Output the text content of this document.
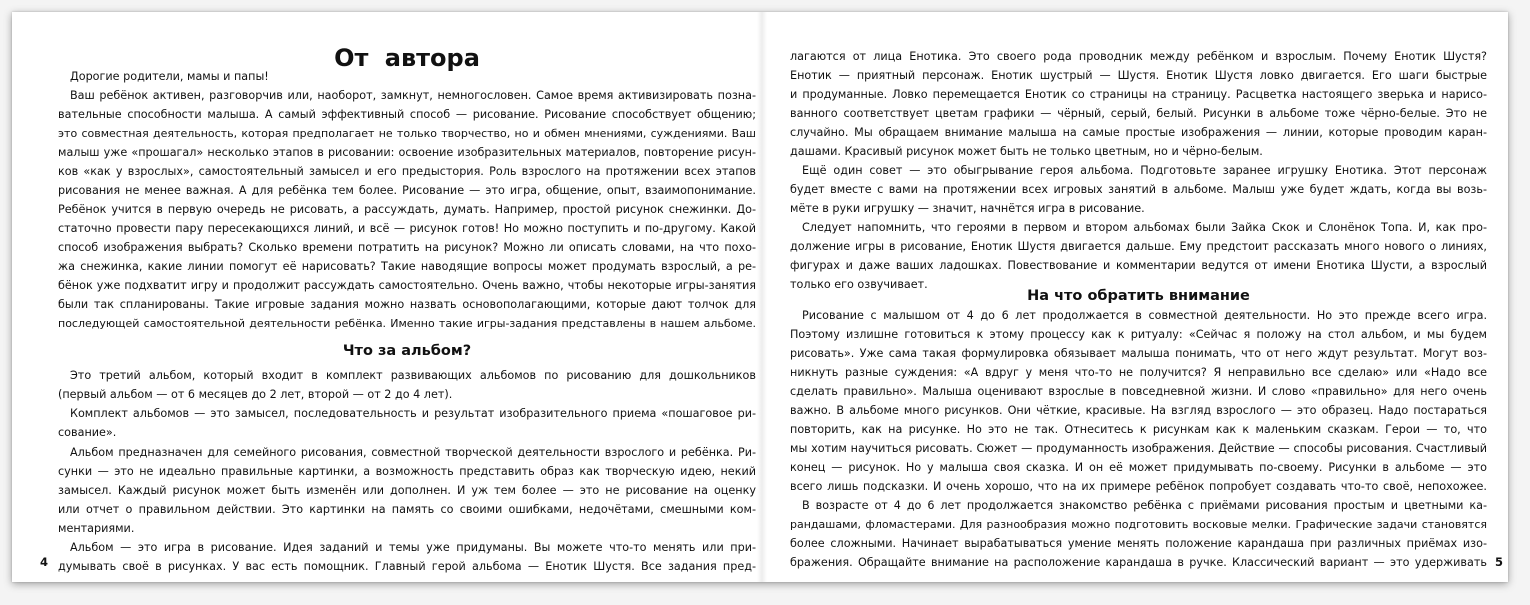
От автора
Дорогие родители, мамы и папы!
Ваш ребёнок активен, разговорчив или, наоборот, замкнут, немногословен. Самое время активизировать позна-
вательные способности малыша. А самый эффективный способ — рисование. Рисование способствует общению;
это совместная деятельность, которая предполагает не только творчество, но и обмен мнениями, суждениями. Ваш
малыш уже «прошагал» несколько этапов в рисовании: освоение изобразительных материалов, повторение рисун-
ков «как у взрослых», самостоятельный замысел и его предыстория. Роль взрослого на протяжении всех этапов
рисования не менее важная. А для ребёнка тем более. Рисование — это игра, общение, опыт, взаимопонимание.
Ребёнок учится в первую очередь не рисовать, а рассуждать, думать. Например, простой рисунок снежинки. До-
статочно провести пару пересекающихся линий, и всё — рисунок готов! Но можно поступить и по-другому. Какой
способ изображения выбрать? Сколько времени потратить на рисунок? Можно ли описать словами, на что похо-
жа снежинка, какие линии помогут её нарисовать? Такие наводящие вопросы может продумать взрослый, а ре-
бёнок уже подхватит игру и продолжит рассуждать самостоятельно. Очень важно, чтобы некоторые игры-занятия
были так спланированы. Такие игровые задания можно назвать основополагающими, которые дают толчок для
последующей самостоятельной деятельности ребёнка. Именно такие игры-задания представлены в нашем альбоме.
Что за альбом?
Это третий альбом, который входит в комплект развивающих альбомов по рисованию для дошкольников
(первый альбом — от 6 месяцев до 2 лет, второй — от 2 до 4 лет).
Комплект альбомов — это замысел, последовательность и результат изобразительного приема «пошаговое ри-
сование».
Альбом предназначен для семейного рисования, совместной творческой деятельности взрослого и ребёнка. Ри-
сунки — это не идеально правильные картинки, а возможность представить образ как творческую идею, некий
замысел. Каждый рисунок может быть изменён или дополнен. И уж тем более — это не рисование на оценку
или отчет о правильном действии. Это картинки на память со своими ошибками, недочётами, смешными ком-
ментариями.
Альбом — это игра в рисование. Идея заданий и темы уже придуманы. Вы можете что-то менять или при-
думывать своё в рисунках. У вас есть помощник. Главный герой альбома — Енотик Шустя. Все задания пред-
4
лагаются от лица Енотика. Это своего рода проводник между ребёнком и взрослым. Почему Енотик Шустя?
Енотик — приятный персонаж. Енотик шустрый — Шустя. Енотик Шустя ловко двигается. Его шаги быстрые
и продуманные. Ловко перемещается Енотик со страницы на страницу. Расцветка настоящего зверька и нарисо-
ванного соответствует цветам графики — чёрный, серый, белый. Рисунки в альбоме тоже чёрно-белые. Это не
случайно. Мы обращаем внимание малыша на самые простые изображения — линии, которые проводим каран-
дашами. Красивый рисунок может быть не только цветным, но и чёрно-белым.
Ещё один совет — это обыгрывание героя альбома. Подготовьте заранее игрушку Енотика. Этот персонаж
будет вместе с вами на протяжении всех игровых занятий в альбоме. Малыш уже будет ждать, когда вы возь-
мёте в руки игрушку — значит, начнётся игра в рисование.
Следует напомнить, что героями в первом и втором альбомах были Зайка Скок и Слонёнок Топа. И, как про-
должение игры в рисование, Енотик Шустя двигается дальше. Ему предстоит рассказать много нового о линиях,
фигурах и даже ваших ладошках. Повествование и комментарии ведутся от имени Енотика Шусти, а взрослый
только его озвучивает.
На что обратить внимание
Рисование с малышом от 4 до 6 лет продолжается в совместной деятельности. Но это прежде всего игра.
Поэтому излишне готовиться к этому процессу как к ритуалу: «Сейчас я положу на стол альбом, и мы будем
рисовать». Уже сама такая формулировка обязывает малыша понимать, что от него ждут результат. Могут воз-
никнуть разные суждения: «А вдруг у меня что-то не получится? Я неправильно все сделаю» или «Надо все
сделать правильно». Малыша оценивают взрослые в повседневной жизни. И слово «правильно» для него очень
важно. В альбоме много рисунков. Они чёткие, красивые. На взгляд взрослого — это образец. Надо постараться
повторить, как на рисунке. Но это не так. Отнеситесь к рисункам как к маленьким сказкам. Герои — то, что
мы хотим научиться рисовать. Сюжет — продуманность изображения. Действие — способы рисования. Счастливый
конец — рисунок. Но у малыша своя сказка. И он её может придумывать по-своему. Рисунки в альбоме — это
всего лишь подсказки. И очень хорошо, что на их примере ребёнок попробует создавать что-то своё, непохожее.
В возрасте от 4 до 6 лет продолжается знакомство ребёнка с приёмами рисования простым и цветными ка-
рандашами, фломастерами. Для разнообразия можно подготовить восковые мелки. Графические задачи становятся
более сложными. Начинает вырабатываться умение менять положение карандаша при различных приёмах изо-
бражения. Обращайте внимание на расположение карандаша в ручке. Классический вариант — это удерживать 5
